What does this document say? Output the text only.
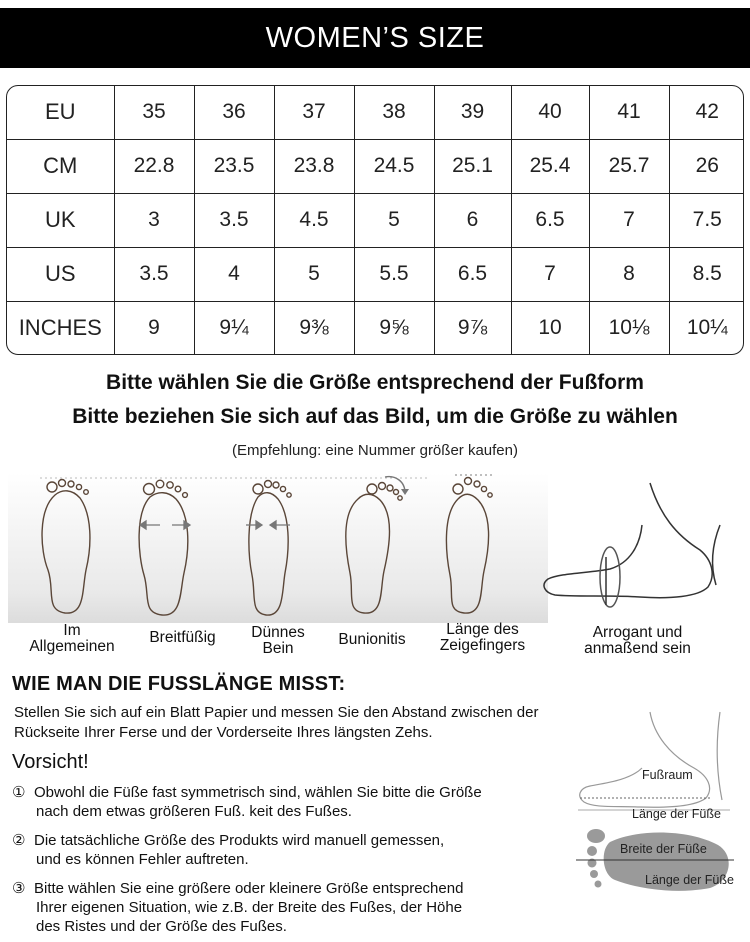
WOMEN’S SIZE
EU	35	36	37	38	39	40	41	42
CM	22.8	23.5	23.8	24.5	25.1	25.4	25.7	26
UK	3	3.5	4.5	5	6	6.5	7	7.5
US	3.5	4	5	5.5	6.5	7	8	8.5
INCHES	9	9¼	9⅜	9⅝	9⅞	10	10⅛	10¼
Bitte wählen Sie die Größe entsprechend der Fußform
Bitte beziehen Sie sich auf das Bild, um die Größe zu wählen
(Empfehlung: eine Nummer größer kaufen)
Im
Allgemeinen
Breitfüßig	Dünnes
Bein
Bunionitis
Länge des
Zeigefingers
Arrogant und
anmaßend sein
WIE MAN DIE FUSSLÄNGE MISST:
Stellen Sie sich auf ein Blatt Papier und messen Sie den Abstand zwischen der
Rückseite Ihrer Ferse und der Vorderseite Ihres längsten Zehs.
Vorsicht!
① Obwohl die Füße fast symmetrisch sind, wählen Sie bitte die Größe
nach dem etwas größeren Fuß. keit des Fußes.
② Die tatsächliche Größe des Produkts wird manuell gemessen,
und es können Fehler auftreten.
③ Bitte wählen Sie eine größere oder kleinere Größe entsprechend
Ihrer eigenen Situation, wie z.B. der Breite des Fußes, der Höhe
des Ristes und der Größe des Fußes.
Fußraum
Länge der Füße
Breite der Füße
Länge der Füße
